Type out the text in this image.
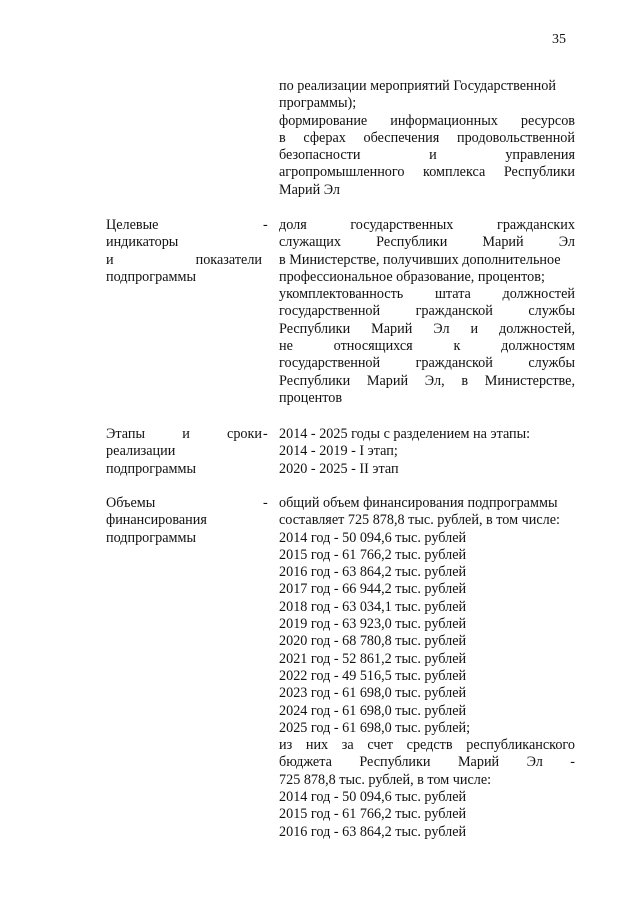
35
по реализации мероприятий Государственной
программы);
формирование информационных ресурсов
в сферах обеспечения продовольственной
безопасности и управления
агропромышленного комплекса Республики
Марий Эл
Целевые
индикаторы
и показатели
подпрограммы
- доля государственных гражданских
служащих Республики Марий Эл
в Министерстве, получивших дополнительное
профессиональное образование, процентов;
укомплектованность штата должностей
государственной гражданской службы
Республики Марий Эл и должностей,
не относящихся к должностям
государственной гражданской службы
Республики Марий Эл, в Министерстве,
процентов
Этапы и сроки
реализации
подпрограммы
- 2014 - 2025 годы с разделением на этапы:
2014 - 2019 - I этап;
2020 - 2025 - II этап
Объемы
финансирования
подпрограммы
- общий объем финансирования подпрограммы
составляет 725 878,8 тыс. рублей, в том числе:
2014 год - 50 094,6 тыс. рублей
2015 год - 61 766,2 тыс. рублей
2016 год - 63 864,2 тыс. рублей
2017 год - 66 944,2 тыс. рублей
2018 год - 63 034,1 тыс. рублей
2019 год - 63 923,0 тыс. рублей
2020 год - 68 780,8 тыс. рублей
2021 год - 52 861,2 тыс. рублей
2022 год - 49 516,5 тыс. рублей
2023 год - 61 698,0 тыс. рублей
2024 год - 61 698,0 тыс. рублей
2025 год - 61 698,0 тыс. рублей;
из них за счет средств республиканского
бюджета Республики Марий Эл -
725 878,8 тыс. рублей, в том числе:
2014 год - 50 094,6 тыс. рублей
2015 год - 61 766,2 тыс. рублей
2016 год - 63 864,2 тыс. рублей
